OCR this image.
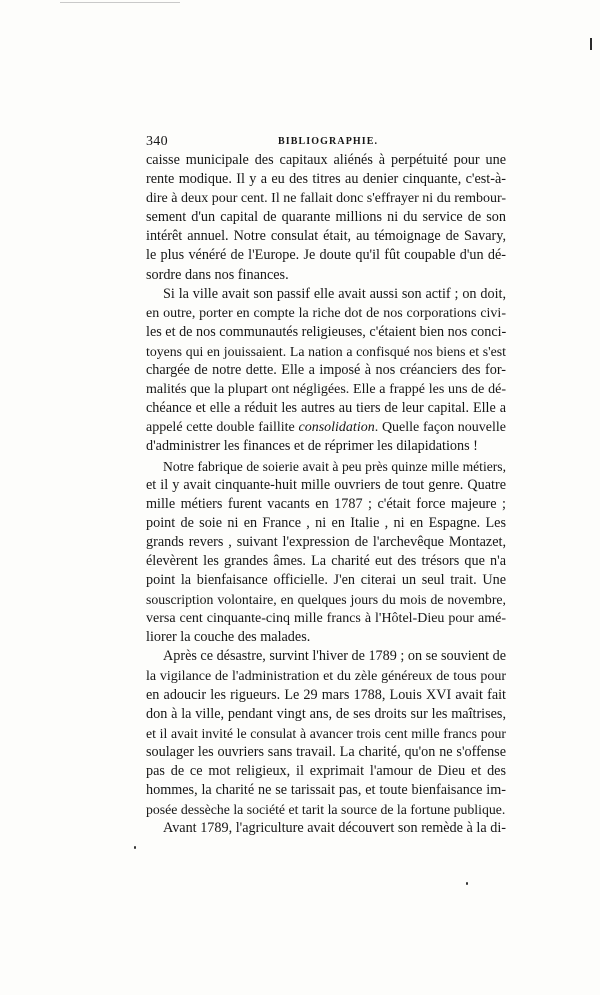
340	BIBLIOGRAPHIE.
caisse municipale des capitaux aliénés à perpétuité pour une
rente modique. Il y a eu des titres au denier cinquante, c'est-à-
dire à deux pour cent. Il ne fallait donc s'effrayer ni du rembour-
sement d'un capital de quarante millions ni du service de son
intérêt annuel. Notre consulat était, au témoignage de Savary,
le plus vénéré de l'Europe. Je doute qu'il fût coupable d'un dé-
sordre dans nos finances.
Si la ville avait son passif elle avait aussi son actif ; on doit,
en outre, porter en compte la riche dot de nos corporations civi-
les et de nos communautés religieuses, c'étaient bien nos conci-
toyens qui en jouissaient. La nation a confisqué nos biens et s'est
chargée de notre dette. Elle a imposé à nos créanciers des for-
malités que la plupart ont négligées. Elle a frappé les uns de dé-
chéance et elle a réduit les autres au tiers de leur capital. Elle a
appelé cette double faillite consolidation. Quelle façon nouvelle
d'administrer les finances et de réprimer les dilapidations !
Notre fabrique de soierie avait à peu près quinze mille métiers,
et il y avait cinquante-huit mille ouvriers de tout genre. Quatre
mille métiers furent vacants en 1787 ; c'était force majeure ;
point de soie ni en France , ni en Italie , ni en Espagne. Les
grands revers , suivant l'expression de l'archevêque Montazet,
élevèrent les grandes âmes. La charité eut des trésors que n'a
point la bienfaisance officielle. J'en citerai un seul trait. Une
souscription volontaire, en quelques jours du mois de novembre,
versa cent cinquante-cinq mille francs à l'Hôtel-Dieu pour amé-
liorer la couche des malades.
Après ce désastre, survint l'hiver de 1789 ; on se souvient de
la vigilance de l'administration et du zèle généreux de tous pour
en adoucir les rigueurs. Le 29 mars 1788, Louis XVI avait fait
don à la ville, pendant vingt ans, de ses droits sur les maîtrises,
et il avait invité le consulat à avancer trois cent mille francs pour
soulager les ouvriers sans travail. La charité, qu'on ne s'offense
pas de ce mot religieux, il exprimait l'amour de Dieu et des
hommes, la charité ne se tarissait pas, et toute bienfaisance im-
posée dessèche la société et tarit la source de la fortune publique.
Avant 1789, l'agriculture avait découvert son remède à la di-
